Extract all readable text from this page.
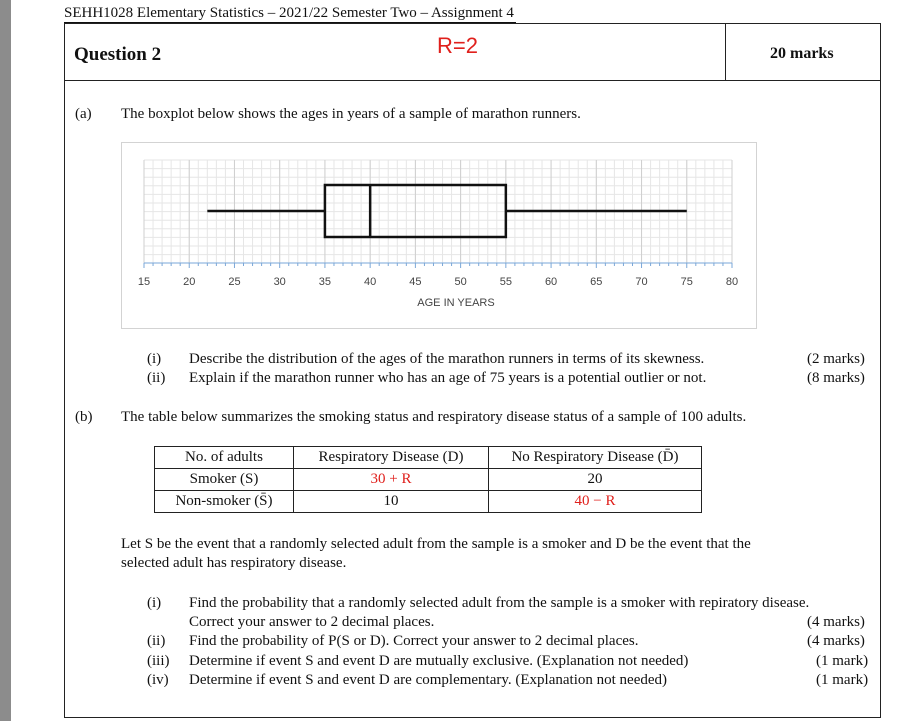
SEHH1028 Elementary Statistics – 2021/22 Semester Two – Assignment 4
Question 2	R=2	20 marks
(a) The boxplot below shows the ages in years of a sample of marathon runners.
15	20	25	30	35	40	45	50	55	60	65	70	75	80
AGE IN YEARS
(i) Describe the distribution of the ages of the marathon runners in terms of its skewness.	(2 marks)
(ii) Explain if the marathon runner who has an age of 75 years is a potential outlier or not.	(8 marks)
(b) The table below summarizes the smoking status and respiratory disease status of a sample of 100 adults.
No. of adults	Respiratory Disease (D)	No Respiratory Disease (D̄)
Smoker (S)	30 + R	20
Non-smoker (S̄)	10	40 − R
Let S be the event that a randomly selected adult from the sample is a smoker and D be the event that the
selected adult has respiratory disease.
(i) Find the probability that a randomly selected adult from the sample is a smoker with repiratory disease.
Correct your answer to 2 decimal places.	(4 marks)
(ii) Find the probability of P(S or D). Correct your answer to 2 decimal places.	(4 marks)
(iii) Determine if event S and event D are mutually exclusive. (Explanation not needed)	(1 mark)
(iv) Determine if event S and event D are complementary. (Explanation not needed)	(1 mark)
